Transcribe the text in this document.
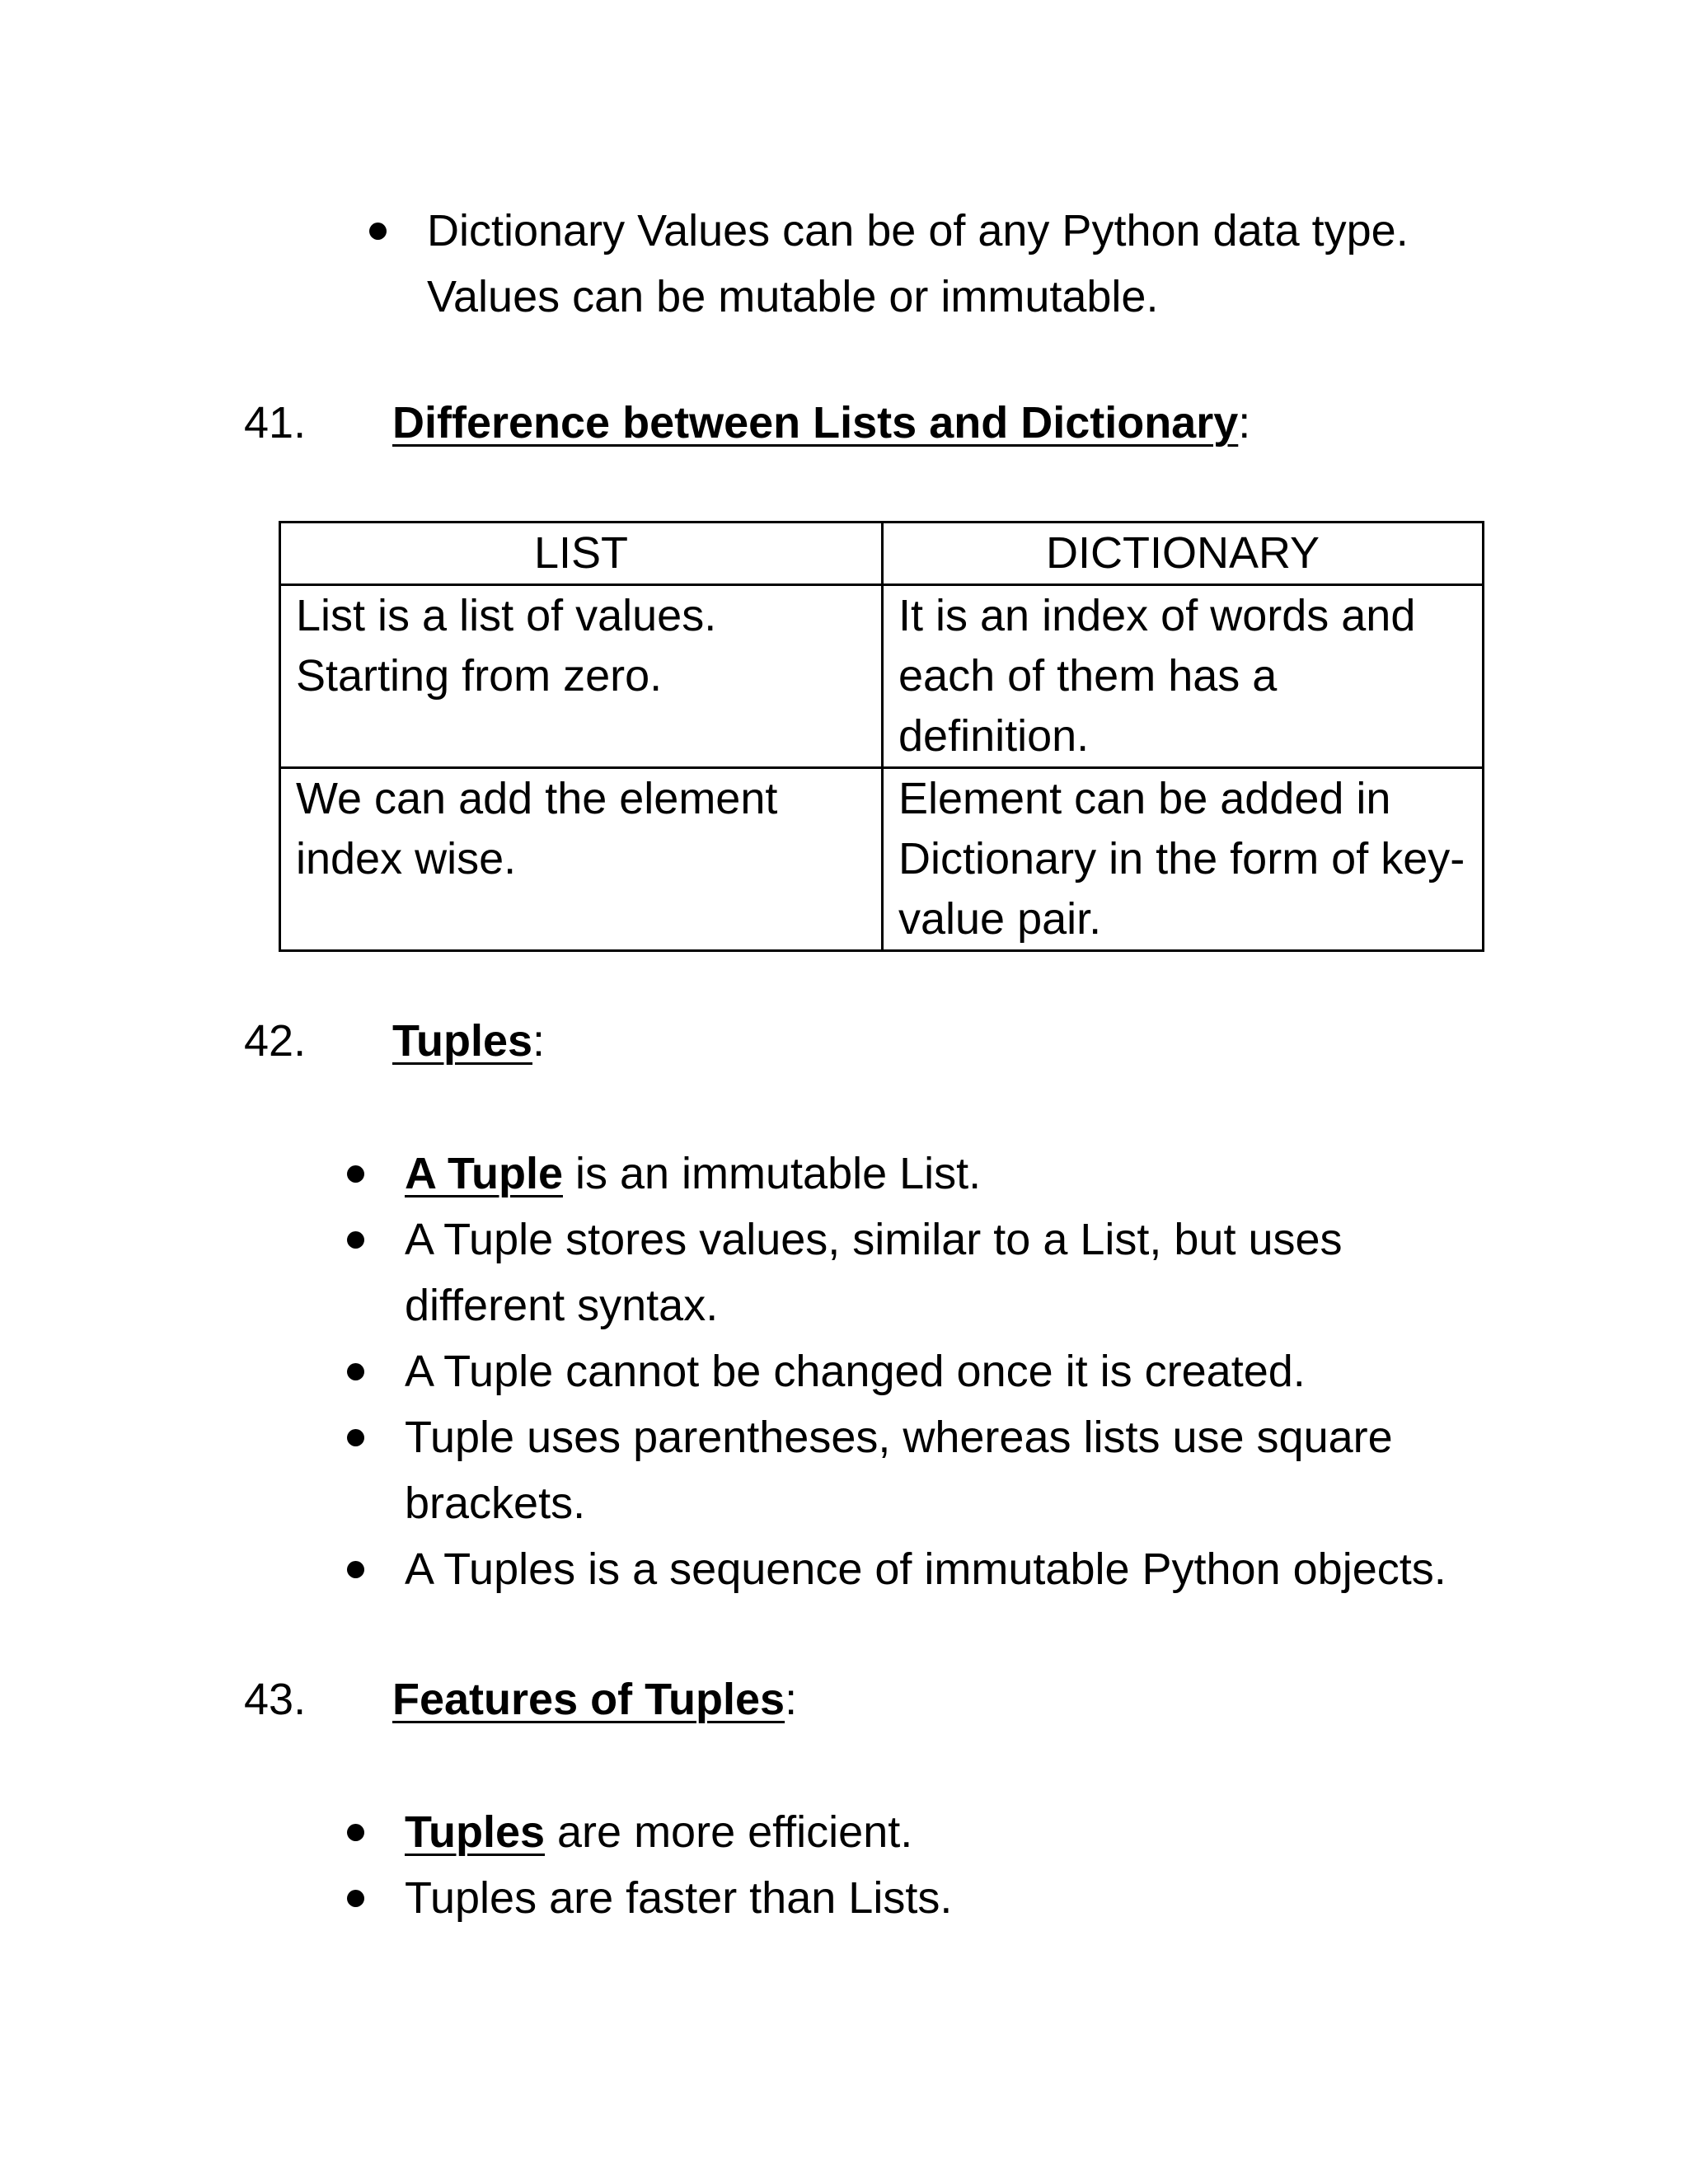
Dictionary Values can be of any Python data type. Values can be mutable or immutable.
41. Difference between Lists and Dictionary:
LIST	DICTIONARY
List is a list of values. Starting from zero.	It is an index of words and each of them has a definition.
We can add the element index wise.	Element can be added in Dictionary in the form of key-value pair.
42. Tuples:
A Tuple is an immutable List.
A Tuple stores values, similar to a List, but uses different syntax.
A Tuple cannot be changed once it is created.
Tuple uses parentheses, whereas lists use square brackets.
A Tuples is a sequence of immutable Python objects.
43. Features of Tuples:
Tuples are more efficient.
Tuples are faster than Lists.
